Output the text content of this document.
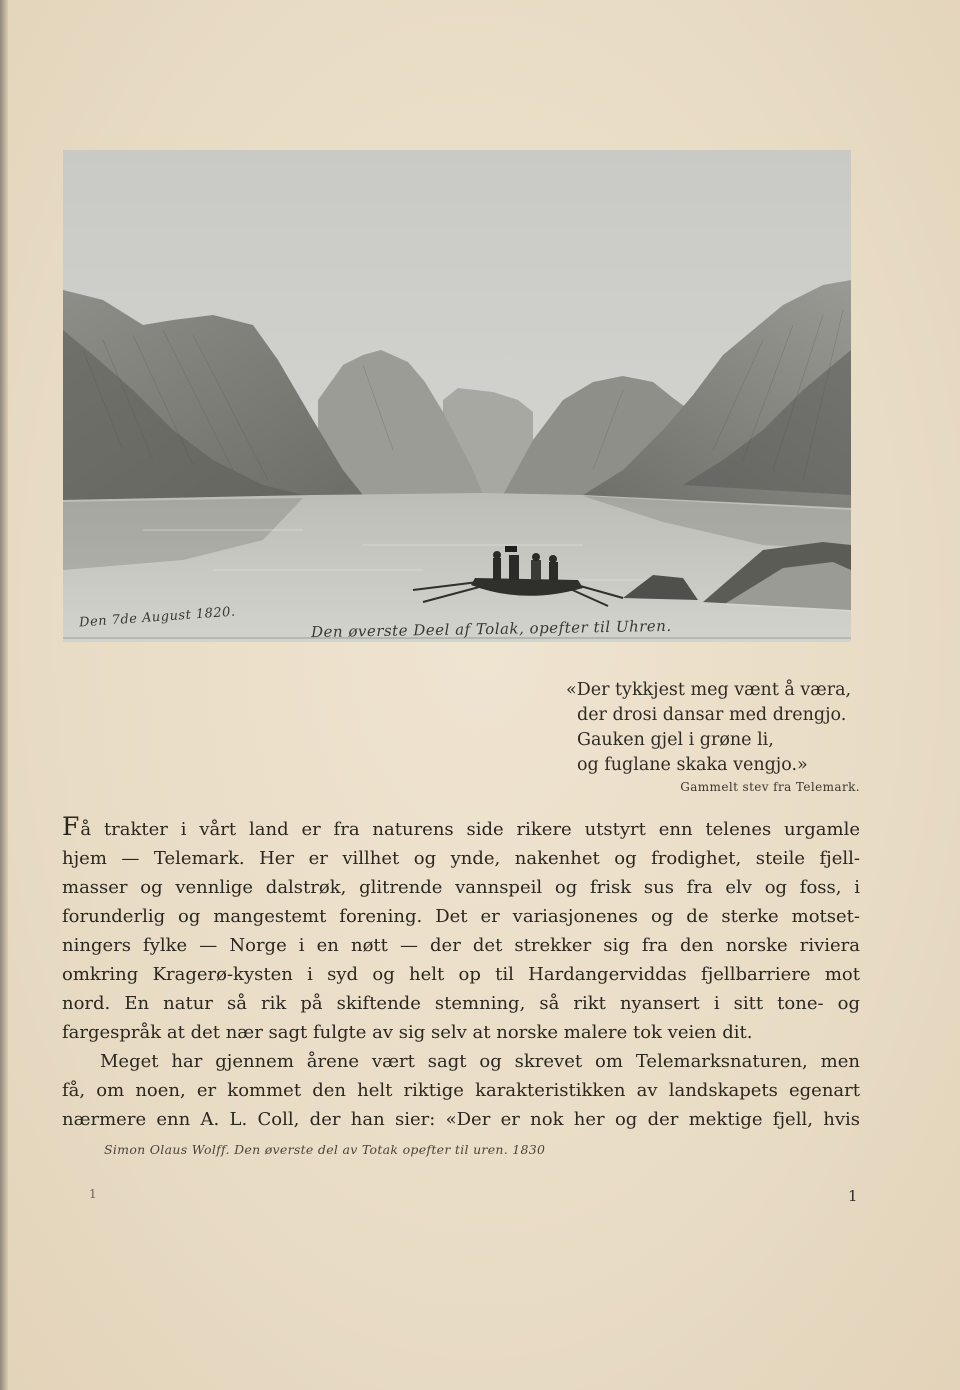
Den 7de August 1820.	Den øverste Deel af Tolak, opefter til Uhren.
«Der tykkjest meg vænt å væra,
der drosi dansar med drengjo.
Gauken gjel i grøne li,
og fuglane skaka vengjo.»
Gammelt stev fra Telemark.
Få trakter i vårt land er fra naturens side rikere utstyrt enn telenes urgamle
hjem — Telemark. Her er villhet og ynde, nakenhet og frodighet, steile fjell-
masser og vennlige dalstrøk, glitrende vannspeil og frisk sus fra elv og foss, i
forunderlig og mangestemt forening. Det er variasjonenes og de sterke motset-
ningers fylke — Norge i en nøtt — der det strekker sig fra den norske riviera
omkring Kragerø-kysten i syd og helt op til Hardangerviddas fjellbarriere mot
nord. En natur så rik på skiftende stemning, så rikt nyansert i sitt tone- og
fargespråk at det nær sagt fulgte av sig selv at norske malere tok veien dit.
Meget har gjennem årene vært sagt og skrevet om Telemarksnaturen, men
få, om noen, er kommet den helt riktige karakteristikken av landskapets egenart
nærmere enn A. L. Coll, der han sier: «Der er nok her og der mektige fjell, hvis
Simon Olaus Wolff. Den øverste del av Totak opefter til uren. 1830
1	1
